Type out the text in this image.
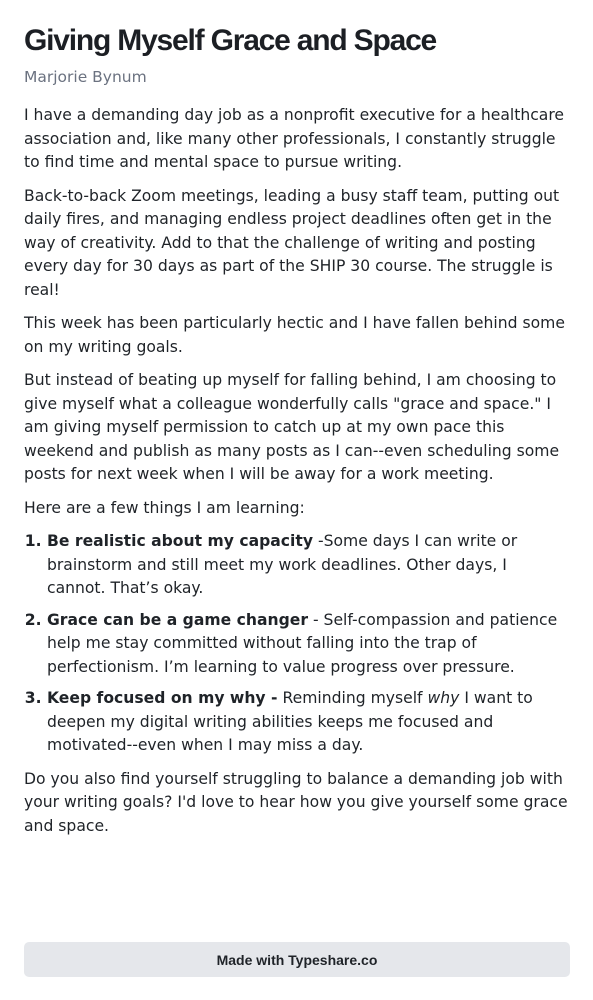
Giving Myself Grace and Space
Marjorie Bynum

I have a demanding day job as a nonprofit executive for a healthcare association and, like many other professionals, I constantly struggle to find time and mental space to pursue writing.

Back-to-back Zoom meetings, leading a busy staff team, putting out daily fires, and managing endless project deadlines often get in the way of creativity. Add to that the challenge of writing and posting every day for 30 days as part of the SHIP 30 course. The struggle is real!

This week has been particularly hectic and I have fallen behind some on my writing goals.

But instead of beating up myself for falling behind, I am choosing to give myself what a colleague wonderfully calls "grace and space." I am giving myself permission to catch up at my own pace this weekend and publish as many posts as I can--even scheduling some posts for next week when I will be away for a work meeting.

Here are a few things I am learning:

1. Be realistic about my capacity -Some days I can write or brainstorm and still meet my work deadlines. Other days, I cannot. That’s okay.
2. Grace can be a game changer - Self-compassion and patience help me stay committed without falling into the trap of perfectionism. I’m learning to value progress over pressure.
3. Keep focused on my why - Reminding myself why I want to deepen my digital writing abilities keeps me focused and motivated--even when I may miss a day.

Do you also find yourself struggling to balance a demanding job with your writing goals? I'd love to hear how you give yourself some grace and space.

Made with Typeshare.co
